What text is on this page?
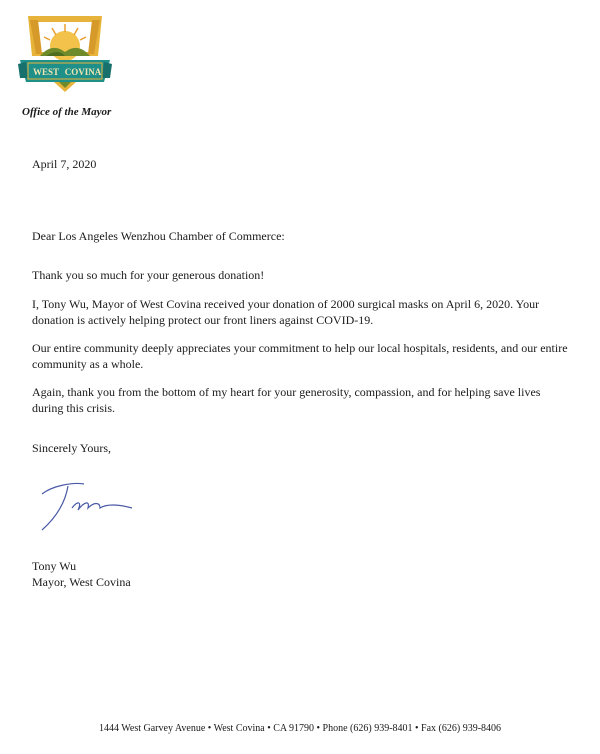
WEST COVINA
Office of the Mayor
April 7, 2020
Dear Los Angeles Wenzhou Chamber of Commerce:
Thank you so much for your generous donation!
I, Tony Wu, Mayor of West Covina received your donation of 2000 surgical masks on April 6, 2020. Your donation is actively helping protect our front liners against COVID-19.
Our entire community deeply appreciates your commitment to help our local hospitals, residents, and our entire community as a whole.
Again, thank you from the bottom of my heart for your generosity, compassion, and for helping save lives during this crisis.
Sincerely Yours,
Tony Wu
Mayor, West Covina
1444 West Garvey Avenue • West Covina • CA 91790 • Phone (626) 939-8401 • Fax (626) 939-8406
